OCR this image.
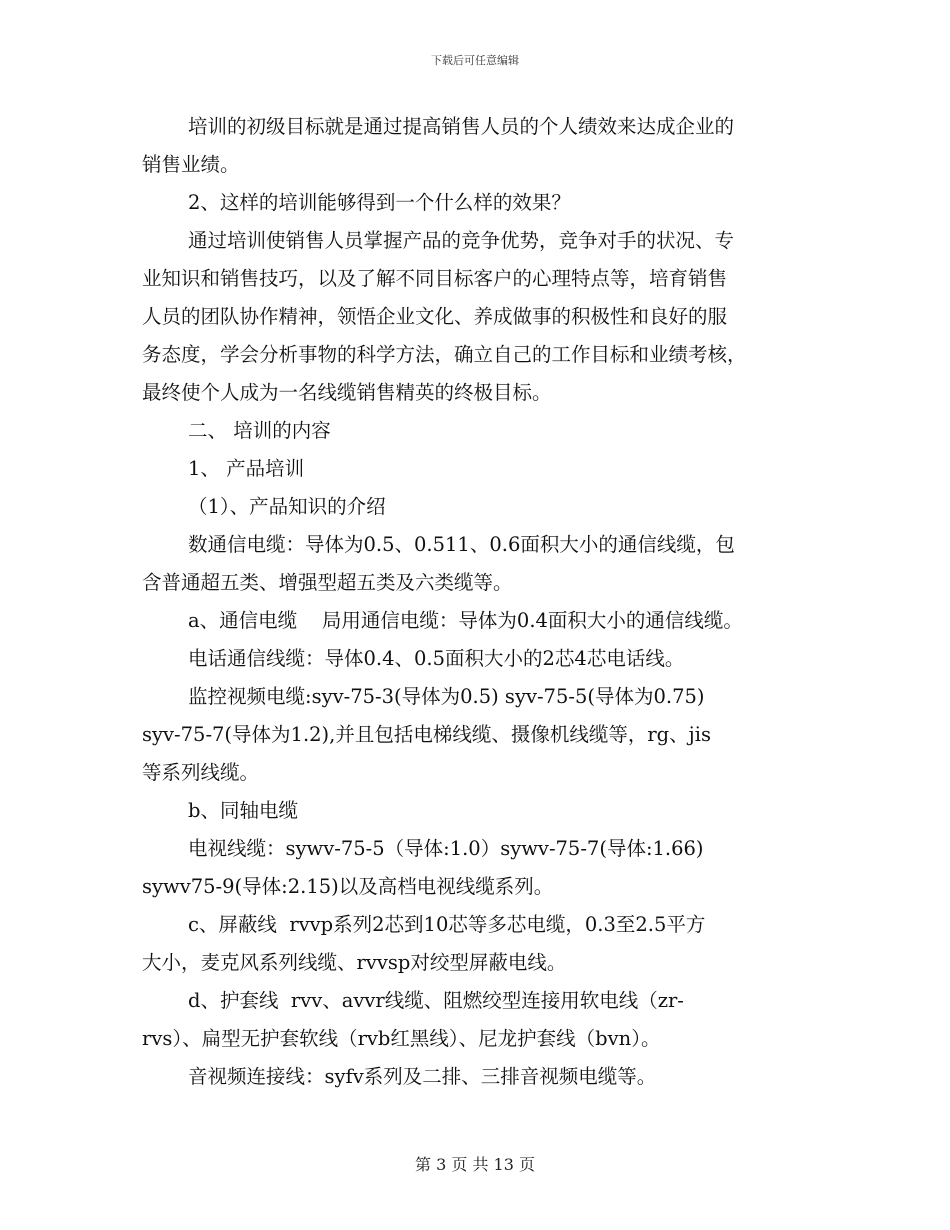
下载后可任意编辑
培训的初级目标就是通过提高销售人员的个人绩效来达成企业的
销售业绩。
2、这样的培训能够得到一个什么样的效果？
通过培训使销售人员掌握产品的竞争优势，竞争对手的状况、专
业知识和销售技巧，以及了解不同目标客户的心理特点等，培育销售
人员的团队协作精神，领悟企业文化、养成做事的积极性和良好的服
务态度，学会分析事物的科学方法，确立自己的工作目标和业绩考核，
最终使个人成为一名线缆销售精英的终极目标。
二、 培训的内容
1、 产品培训
（1）、产品知识的介绍
数通信电缆：导体为0.5、0.511、0.6面积大小的通信线缆，包
含普通超五类、增强型超五类及六类缆等。
a、通信电缆    局用通信电缆：导体为0.4面积大小的通信线缆。
电话通信线缆：导体0.4、0.5面积大小的2芯4芯电话线。
监控视频电缆:syv-75-3(导体为0.5) syv-75-5(导体为0.75)
syv-75-7(导体为1.2),并且包括电梯线缆、摄像机线缆等，rg、jis
等系列线缆。
b、同轴电缆
电视线缆：sywv-75-5（导体:1.0）sywv-75-7(导体:1.66)
sywv75-9(导体:2.15)以及高档电视线缆系列。
c、屏蔽线  rvvp系列2芯到10芯等多芯电缆，0.3至2.5平方
大小，麦克风系列线缆、rvvsp对绞型屏蔽电线。
d、护套线  rvv、avvr线缆、阻燃绞型连接用软电线（zr-
rvs）、扁型无护套软线（rvb红黑线）、尼龙护套线（bvn）。
音视频连接线：syfv系列及二排、三排音视频电缆等。
第 3 页 共 13 页
